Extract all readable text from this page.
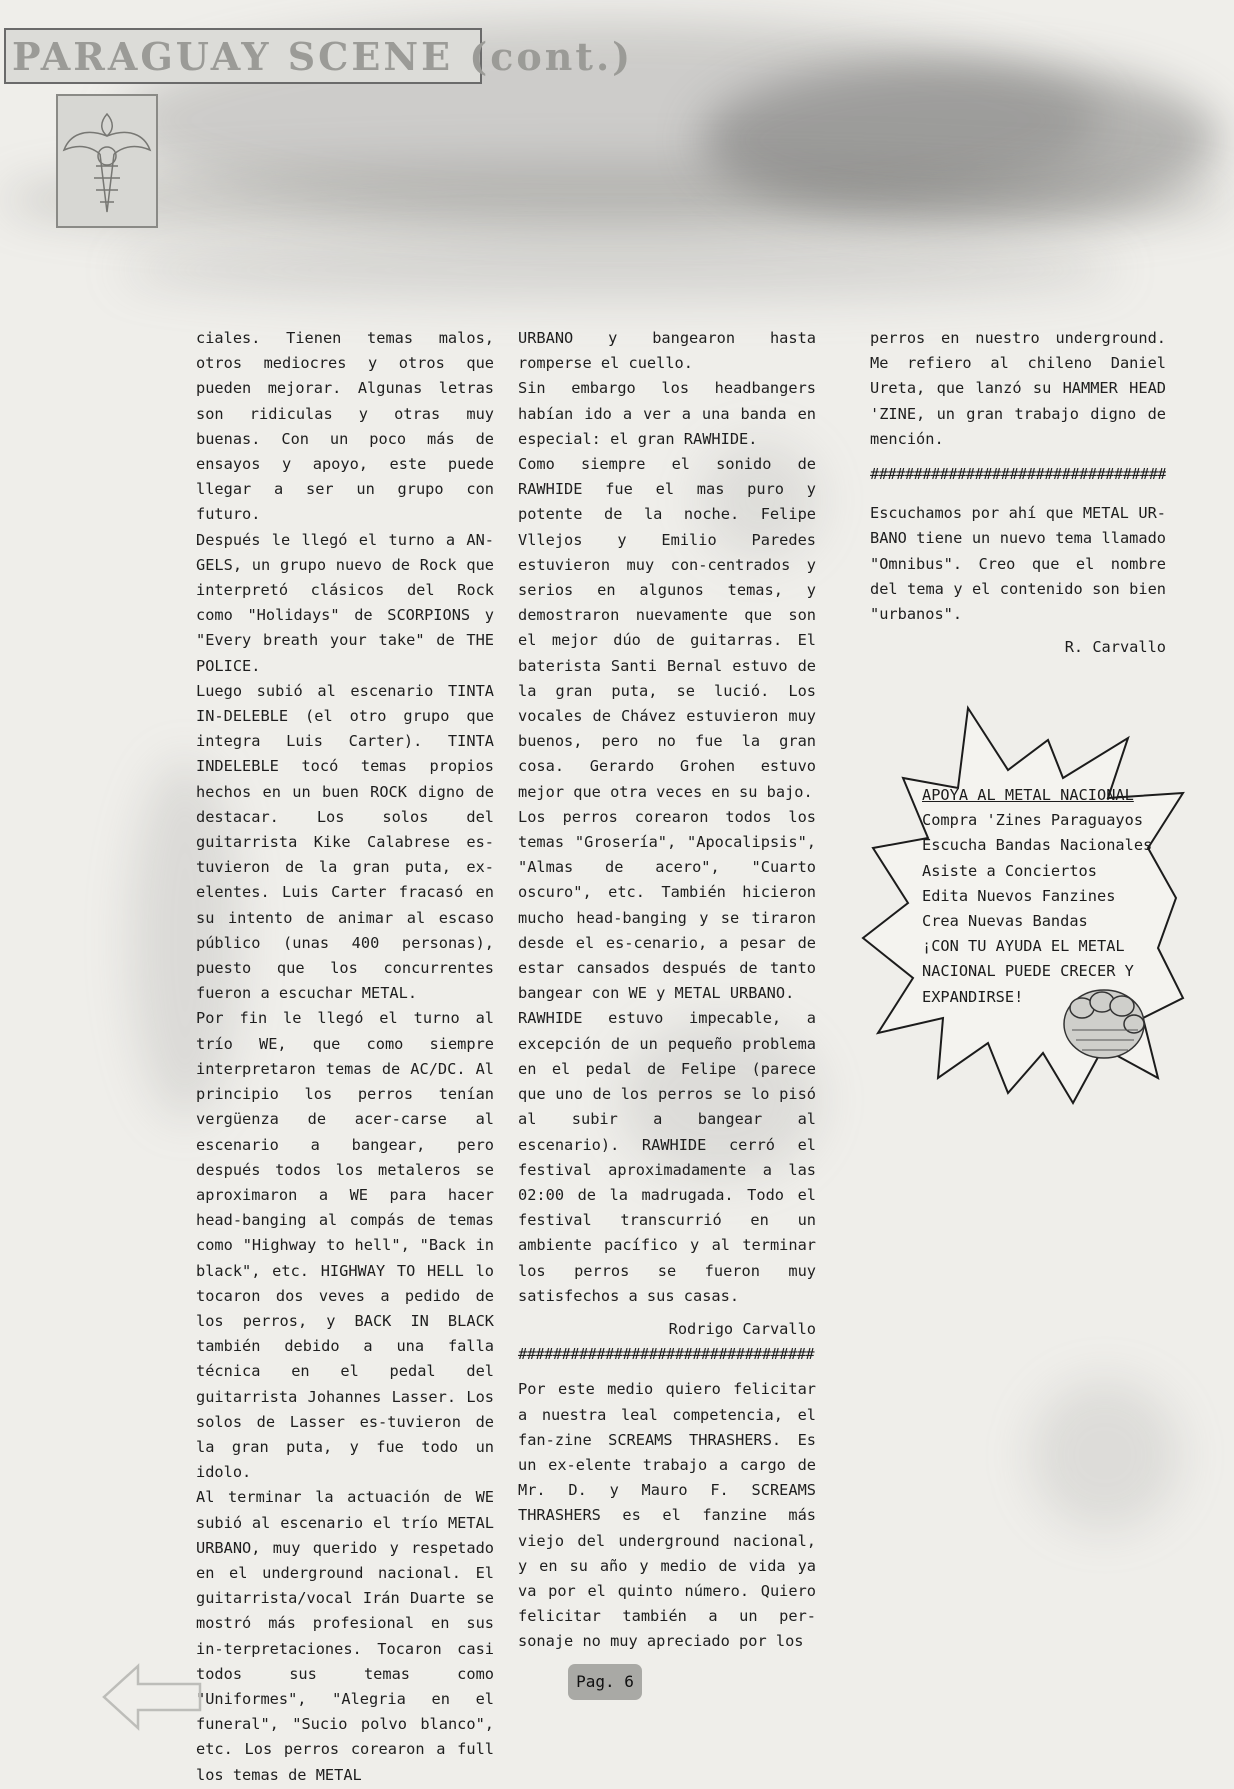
PARAGUAY SCENE (cont.)

ciales. Tienen temas malos, otros mediocres y otros que pueden mejorar. Algunas letras son ridiculas y otras muy buenas. Con un poco más de ensayos y apoyo, este puede llegar a ser un grupo con futuro.

Después le llegó el turno a AN-GELS, un grupo nuevo de Rock que interpretó clásicos del Rock como "Holidays" de SCORPIONS y "Every breath your take" de THE POLICE.

Luego subió al escenario TINTA IN-DELEBLE (el otro grupo que integra Luis Carter). TINTA INDELEBLE tocó temas propios hechos en un buen ROCK digno de destacar. Los solos del guitarrista Kike Calabrese es-tuvieron de la gran puta, ex-elentes. Luis Carter fracasó en su intento de animar al escaso público (unas 400 personas), puesto que los concurrentes fueron a escuchar METAL.

Por fin le llegó el turno al trío WE, que como siempre interpretaron temas de AC/DC. Al principio los perros tenían vergüenza de acer-carse al escenario a bangear, pero después todos los metaleros se aproximaron a WE para hacer head-banging al compás de temas como "Highway to hell", "Back in black", etc. HIGHWAY TO HELL lo tocaron dos veves a pedido de los perros, y BACK IN BLACK también debido a una falla técnica en el pedal del guitarrista Johannes Lasser. Los solos de Lasser es-tuvieron de la gran puta, y fue todo un idolo.

Al terminar la actuación de WE subió al escenario el trío METAL URBANO, muy querido y respetado en el underground nacional. El guitarrista/vocal Irán Duarte se mostró más profesional en sus in-terpretaciones. Tocaron casi todos sus temas como "Uniformes", "Alegria en el funeral", "Sucio polvo blanco", etc. Los perros corearon a full los temas de METAL

URBANO y bangearon hasta romperse el cuello.

Sin embargo los headbangers habían ido a ver a una banda en especial: el gran RAWHIDE.

Como siempre el sonido de RAWHIDE fue el mas puro y potente de la noche. Felipe Vllejos y Emilio Paredes estuvieron muy con-centrados y serios en algunos temas, y demostraron nuevamente que son el mejor dúo de guitarras. El baterista Santi Bernal estuvo de la gran puta, se lució. Los vocales de Chávez estuvieron muy buenos, pero no fue la gran cosa. Gerardo Grohen estuvo mejor que otra veces en su bajo.

Los perros corearon todos los temas "Grosería", "Apocalipsis", "Almas de acero", "Cuarto oscuro", etc. También hicieron mucho head-banging y se tiraron desde el es-cenario, a pesar de estar cansados después de tanto bangear con WE y METAL URBANO.

RAWHIDE estuvo impecable, a excepción de un pequeño problema en el pedal de Felipe (parece que uno de los perros se lo pisó al subir a bangear al escenario). RAWHIDE cerró el festival aproximadamente a las 02:00 de la madrugada. Todo el festival transcurrió en un ambiente pacífico y al terminar los perros se fueron muy satisfechos a sus casas.

Rodrigo Carvallo

##################################

Por este medio quiero felicitar a nuestra leal competencia, el fan-zine SCREAMS THRASHERS. Es un ex-elente trabajo a cargo de Mr. D. y Mauro F. SCREAMS THRASHERS es el fanzine más viejo del underground nacional, y en su año y medio de vida ya va por el quinto número. Quiero felicitar también a un per-sonaje no muy apreciado por los

perros en nuestro underground. Me refiero al chileno Daniel Ureta, que lanzó su HAMMER HEAD 'ZINE, un gran trabajo digno de mención.

##################################

Escuchamos por ahí que METAL UR-BANO tiene un nuevo tema llamado "Omnibus". Creo que el nombre del tema y el contenido son bien "urbanos".

R. Carvallo

APOYA AL METAL NACIONAL
Compra 'Zines Paraguayos
Escucha Bandas Nacionales
Asiste a Conciertos
Edita Nuevos Fanzines
Crea Nuevas Bandas
¡CON TU AYUDA EL METAL
NACIONAL PUEDE CRECER Y
EXPANDIRSE!
Pag. 6
